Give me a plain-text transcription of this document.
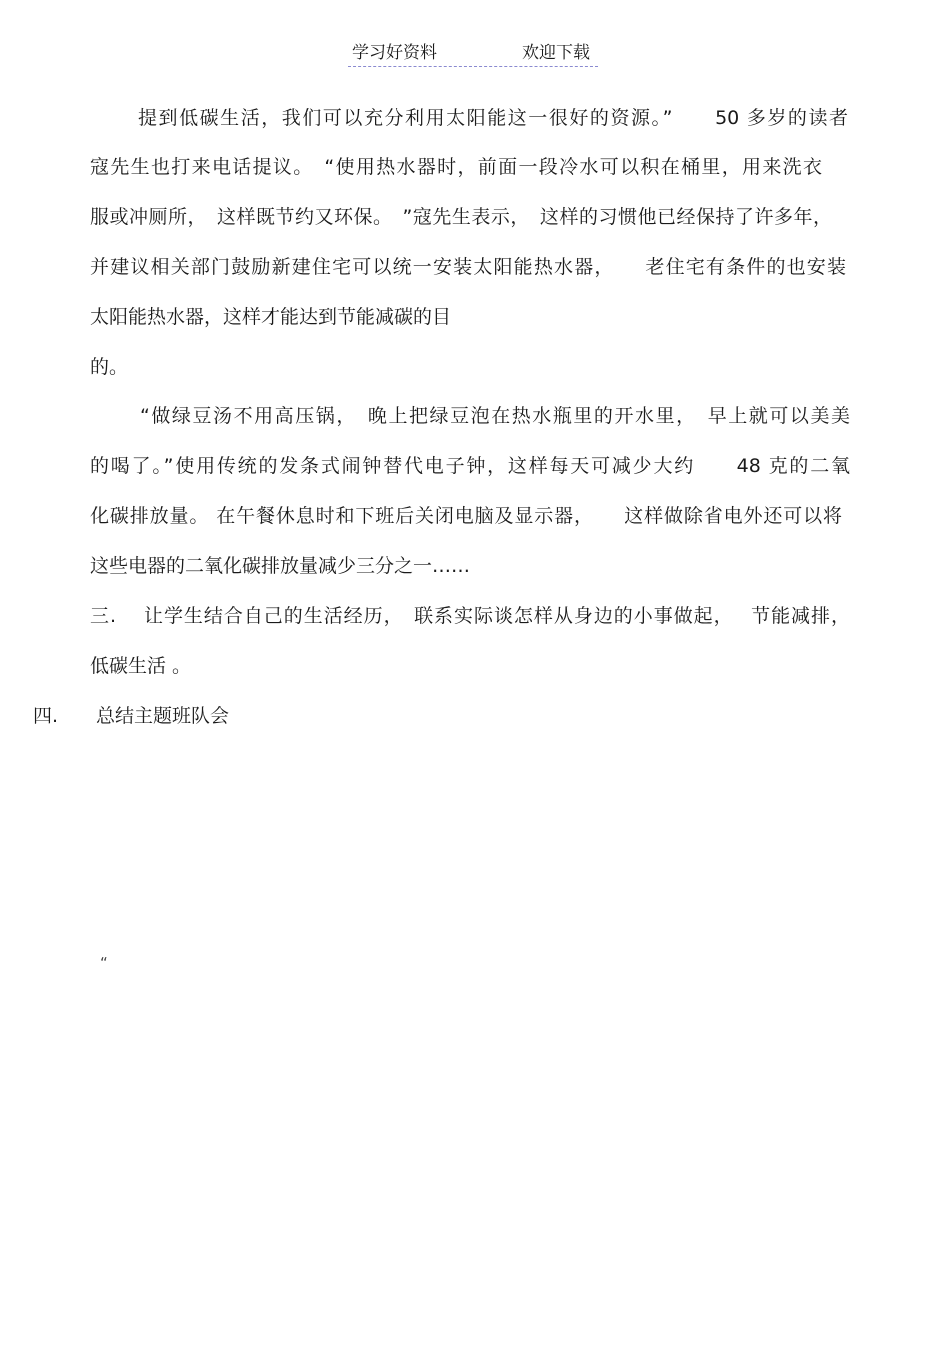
学习好资料	欢迎下载
提到低碳生活，我们可以充分利用太阳能这一很好的资源。”　　50 多岁的读者
寇先生也打来电话提议。　“使用热水器时，前面一段冷水可以积在桶里，用来洗衣
服或冲厕所，　这样既节约又环保。　”寇先生表示，　这样的习惯他已经保持了许多年，
并建议相关部门鼓励新建住宅可以统一安装太阳能热水器，　　老住宅有条件的也安装
太阳能热水器，这样才能达到节能减碳的目
的。
“做绿豆汤不用高压锅，　晚上把绿豆泡在热水瓶里的开水里，　早上就可以美美
的喝了。”使用传统的发条式闹钟替代电子钟，这样每天可减少大约　　48 克的二氧
化碳排放量。 在午餐休息时和下班后关闭电脑及显示器，　　这样做除省电外还可以将
这些电器的二氧化碳排放量减少三分之一……
三.　 让学生结合自己的生活经历，　联系实际谈怎样从身边的小事做起，　 节能减排，
低碳生活 。
四.　　总结主题班队会
“
